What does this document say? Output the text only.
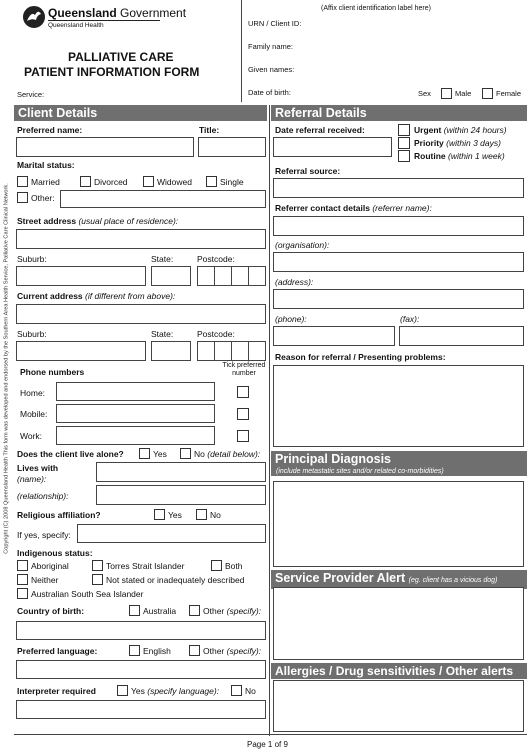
Copyright (C) 2008 Queensland Health This form was developed and endorsed by the Southern Area Health Service, Palliative Care Clinical Network.
Queensland Government
Queensland Health
PALLIATIVE CARE
PATIENT INFORMATION FORM
Service:
(Affix client identification label here)
URN / Client ID:
Family name:
Given names:
Date of birth:	Sex	Male	Female
Client Details
Preferred name:	Title:
Marital status:
Married	Divorced	Widowed	Single
Other:
Street address (usual place of residence):
Suburb:	State:	Postcode:
Current address (if different from above):
Suburb:	State:	Postcode:
Phone numbers
Tick preferred
number
Home:
Mobile:
Work:
Does the client live alone?	Yes	No (detail below):
Lives with
(name):
(relationship):
Religious affiliation?	Yes	No
If yes, specify:
Indigenous status:
Aboriginal	Torres Strait Islander	Both
Neither	Not stated or inadequately described
Australian South Sea Islander
Country of birth:	Australia	Other (specify):
Preferred language:	English	Other (specify):
Interpreter required	Yes (specify language):	No
Referral Details
Date referral received:	Urgent (within 24 hours)
Priority (within 3 days)
Routine (within 1 week)
Referral source:
Referrer contact details (referrer name):
(organisation):
(address):
(phone):	(fax):
Reason for referral / Presenting problems:
Principal Diagnosis
(include metastatic sites and/or related co-morbidities)
Service Provider Alert (eg. client has a vicious dog)
Allergies / Drug sensitivities / Other alerts
Page 1 of 9
